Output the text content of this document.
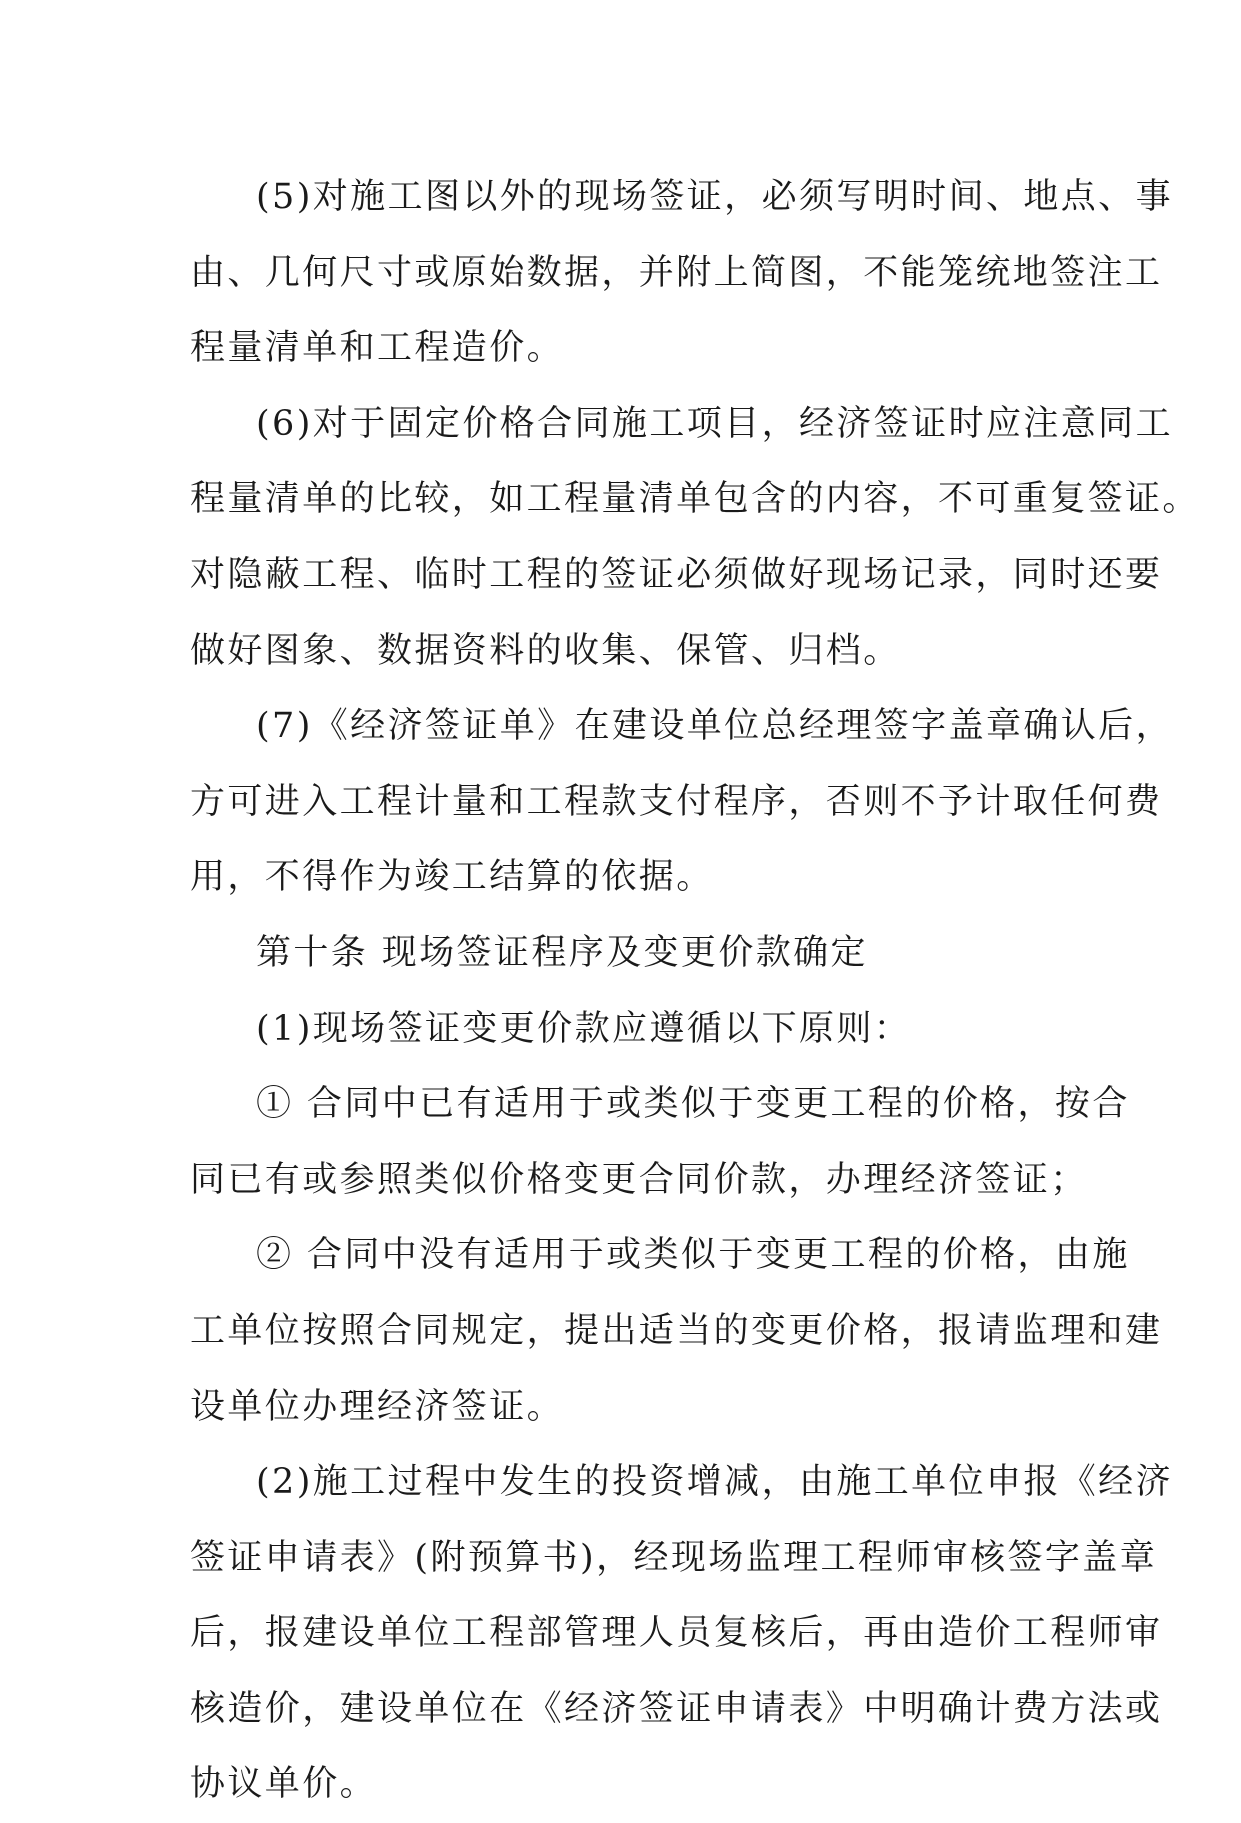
(5)对施工图以外的现场签证，必须写明时间、地点、事
由、几何尺寸或原始数据，并附上简图，不能笼统地签注工
程量清单和工程造价。
(6)对于固定价格合同施工项目，经济签证时应注意同工
程量清单的比较，如工程量清单包含的内容，不可重复签证。
对隐蔽工程、临时工程的签证必须做好现场记录，同时还要
做好图象、数据资料的收集、保管、归档。
(7)《经济签证单》在建设单位总经理签字盖章确认后，
方可进入工程计量和工程款支付程序，否则不予计取任何费
用，不得作为竣工结算的依据。
第十条 现场签证程序及变更价款确定
(1)现场签证变更价款应遵循以下原则：
① 合同中已有适用于或类似于变更工程的价格，按合
同已有或参照类似价格变更合同价款，办理经济签证；
② 合同中没有适用于或类似于变更工程的价格，由施
工单位按照合同规定，提出适当的变更价格，报请监理和建
设单位办理经济签证。
(2)施工过程中发生的投资增减，由施工单位申报《经济
签证申请表》(附预算书)，经现场监理工程师审核签字盖章
后，报建设单位工程部管理人员复核后，再由造价工程师审
核造价，建设单位在《经济签证申请表》中明确计费方法或
协议单价。
